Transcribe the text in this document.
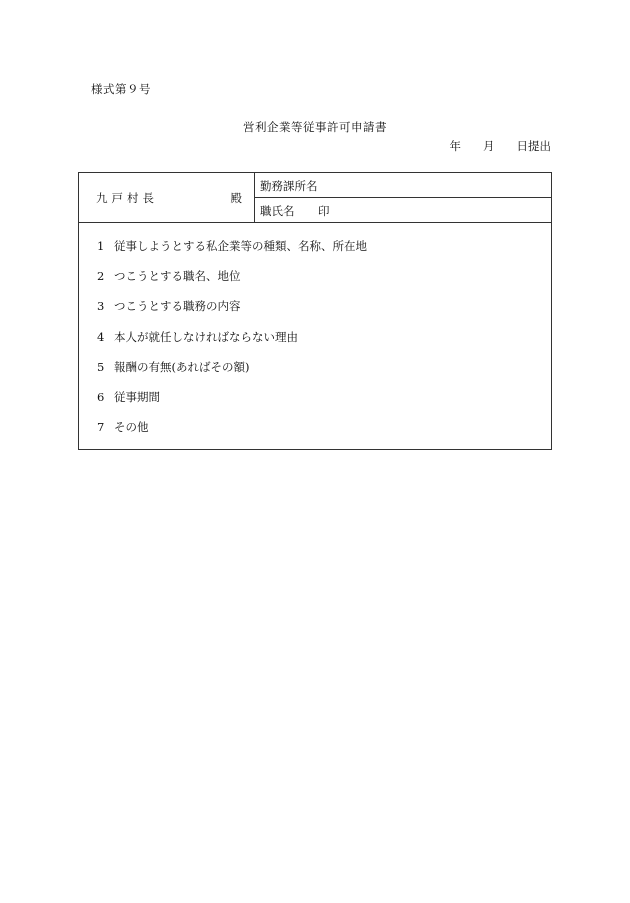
様式第９号
営利企業等従事許可申請書
年 月 日提出
九戸村長	殿
勤務課所名
職氏名 印
1 従事しようとする私企業等の種類、名称、所在地
2 つこうとする職名、地位
3 つこうとする職務の内容
4 本人が就任しなければならない理由
5 報酬の有無(あればその額)
6 従事期間
7 その他
